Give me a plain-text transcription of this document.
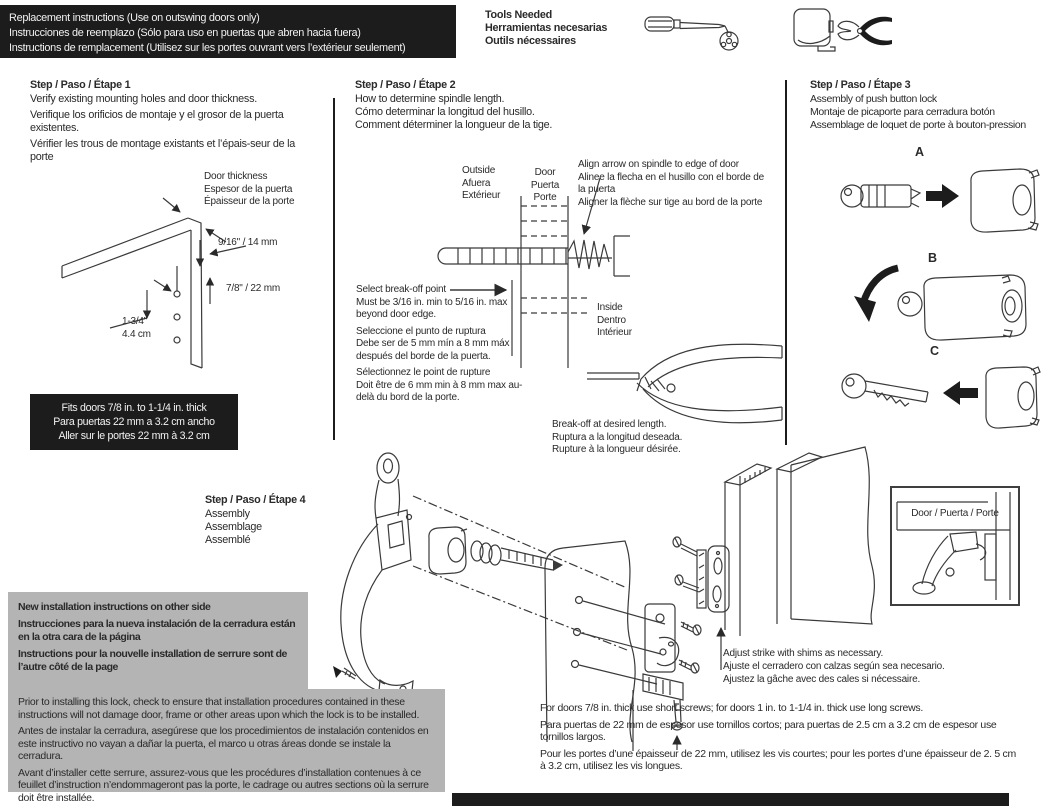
Replacement instructions (Use on outswing doors only)
Instrucciones de reemplazo (Sólo para uso en puertas que abren hacia fuera)
Instructions de remplacement (Utilisez sur les portes ouvrant vers l’extérieur seulement)
Tools Needed
Herramientas necesarias
Outils nécessaires
Step / Paso / Étape 1
Verify existing mounting holes and door thickness.
Verifique los orificios de montaje y el grosor de la puerta existentes.
Vérifier les trous de montage existants et l’épais-seur de la porte
Door thickness
Espesor de la puerta
Épaisseur de la porte
9/16" / 14 mm
7/8" / 22 mm
1-3/4"
4.4 cm
Fits doors 7/8 in. to 1-1/4 in. thick
Para puertas 22 mm a 3.2 cm ancho
Aller sur le portes 22 mm à 3.2 cm
Step / Paso / Étape 2
How to determine spindle length.
Cómo determinar la longitud del husillo.
Comment déterminer la longueur de la tige.
Outside
Afuera
Extérieur
Door
Puerta
Porte
Align arrow on spindle to edge of door
Alinee la flecha en el husillo con el borde de la puerta
Aligner la flèche sur tige au bord de la porte
Select break-off point
Must be 3/16 in. min to 5/16 in. max beyond door edge.
Seleccione el punto de ruptura
Debe ser de 5 mm mín a 8 mm máx después del borde de la puerta.
Sélectionnez le point de rupture
Doit être de 6 mm min à 8 mm max au-delà du bord de la porte.
Inside
Dentro
Intérieur
Break-off at desired length.
Ruptura a la longitud deseada.
Rupture à la longueur désirée.
Step / Paso / Étape 3
Assembly of push button lock
Montaje de picaporte para cerradura botón
Assemblage de loquet de porte à bouton-pression
A
B
C
Step / Paso / Étape 4
Assembly
Assemblage
Assemblé
Door / Puerta / Porte
Adjust strike with shims as necessary.
Ajuste el cerradero con calzas según sea necesario.
Ajustez la gâche avec des cales si nécessaire.
New installation instructions on other side
Instrucciones para la nueva instalación de la cerradura están en la otra cara de la página
Instructions pour la nouvelle installation de serrure sont de l’autre côté de la page
Prior to installing this lock, check to ensure that installation procedures contained in these instructions will not damage door, frame or other areas upon which the lock is to be installed.
Antes de instalar la cerradura, asegúrese que los procedimientos de instalación contenidos en este instructivo no vayan a dañar la puerta, el marco u otras áreas donde se instale la cerradura.
Avant d’installer cette serrure, assurez-vous que les procédures d’installation contenues à ce feuillet d’instruction n’endommageront pas la porte, le cadrage ou autres sections où la serrure doit être installée.
For doors 7/8 in. thick use short screws; for doors 1 in. to 1-1/4 in. thick use long screws.
Para puertas de 22 mm de espesor use tornillos cortos; para puertas de 2.5 cm a 3.2 cm de espesor use tornillos largos.
Pour les portes d’une épaisseur de 22 mm, utilisez les vis courtes; pour les portes d’une épaisseur de 2. 5 cm à 3.2 cm, utilisez les vis longues.
